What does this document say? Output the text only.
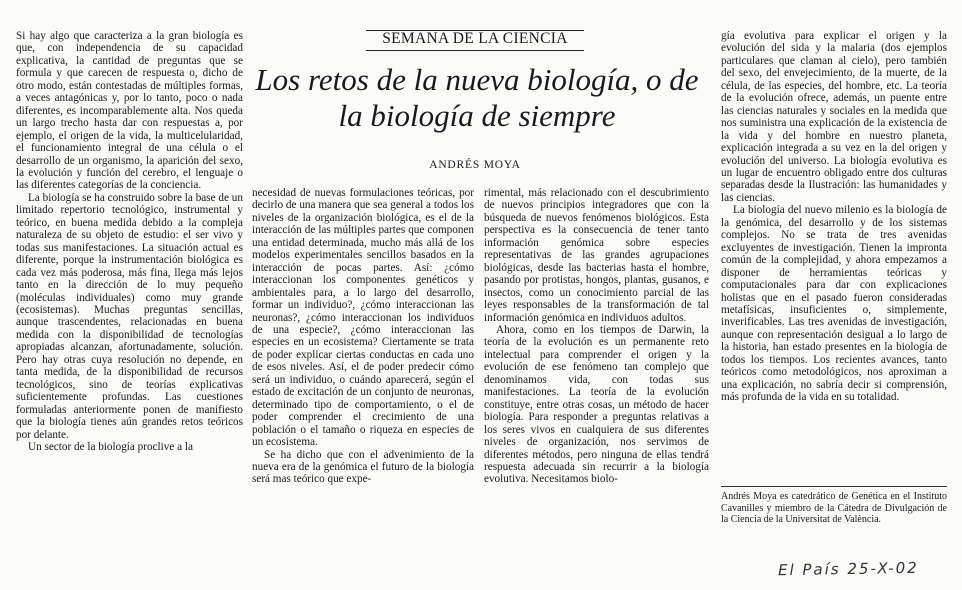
SEMANA DE LA CIENCIA
Los retos de la nueva biología, o de la biología de siempre
ANDRÉS MOYA

Si hay algo que caracteriza a la gran biología es que, con independencia de su capacidad explicativa, la cantidad de preguntas que se formula y que carecen de respuesta o, dicho de otro modo, están contestadas de múltiples formas, a veces antagónicas y, por lo tanto, poco o nada diferentes, es incomparablemente alta. Nos queda un largo trecho hasta dar con respuestas a, por ejemplo, el origen de la vida, la multicelularidad, el funcionamiento integral de una célula o el desarrollo de un organismo, la aparición del sexo, la evolución y función del cerebro, el lenguaje o las diferentes categorías de la conciencia.

La biología se ha construido sobre la base de un limitado repertorio tecnológico, instrumental y teórico, en buena medida debido a la compleja naturaleza de su objeto de estudio: el ser vivo y todas sus manifestaciones. La situación actual es diferente, porque la instrumentación biológica es cada vez más poderosa, más fina, llega más lejos tanto en la dirección de lo muy pequeño (moléculas individuales) como muy grande (ecosistemas). Muchas preguntas sencillas, aunque trascendentes, relacionadas en buena medida con la disponibilidad de tecnologías apropiadas alcanzan, afortunadamente, solución. Pero hay otras cuya resolución no depende, en tanta medida, de la disponibilidad de recursos tecnológicos, sino de teorías explicativas suficientemente profundas. Las cuestiones formuladas anteriormente ponen de manifiesto que la biología tienes aún grandes retos teóricos por delante.

Un sector de la biología proclive a la

necesidad de nuevas formulaciones teóricas, por decirlo de una manera que sea general a todos los niveles de la organización biológica, es el de la interacción de las múltiples partes que componen una entidad determinada, mucho más allá de los modelos experimentales sencillos basados en la interacción de pocas partes. Así: ¿cómo interaccionan los componentes genéticos y ambientales para, a lo largo del desarrollo, formar un individuo?, ¿cómo interaccionan las neuronas?, ¿cómo interaccionan los individuos de una especie?, ¿cómo interaccionan las especies en un ecosistema? Ciertamente se trata de poder explicar ciertas conductas en cada uno de esos niveles. Así, el de poder predecir cómo será un individuo, o cuándo aparecerá, según el estado de excitación de un conjunto de neuronas, determinado tipo de comportamiento, o el de poder comprender el crecimiento de una población o el tamaño o riqueza en especies de un ecosistema.

Se ha dicho que con el advenimiento de la nueva era de la genómica el futuro de la biología será mas teórico que expe-

rimental, más relacionado con el descubrimiento de nuevos principios integradores que con la búsqueda de nuevos fenómenos biológicos. Esta perspectiva es la consecuencia de tener tanto información genómica sobre especies representativas de las grandes agrupaciones biológicas, desde las bacterias hasta el hombre, pasando por protistas, hongos, plantas, gusanos, e insectos, como un conocimiento parcial de las leyes responsables de la transformación de tal información genómica en individuos adultos.

Ahora, como en los tiempos de Darwin, la teoría de la evolución es un permanente reto intelectual para comprender el origen y la evolución de ese fenómeno tan complejo que denominamos vida, con todas sus manifestaciones. La teoría de la evolución constituye, entre otras cosas, un método de hacer biología. Para responder a preguntas relativas a los seres vivos en cualquiera de sus diferentes niveles de organización, nos servimos de diferentes métodos, pero ninguna de ellas tendrá respuesta adecuada sin recurrir a la biología evolutiva. Necesitamos biolo-

gía evolutiva para explicar el origen y la evolución del sida y la malaria (dos ejemplos particulares que claman al cielo), pero también del sexo, del envejecimiento, de la muerte, de la célula, de las especies, del hombre, etc. La teoría de la evolución ofrece, además, un puente entre las ciencias naturales y sociales en la medida que nos suministra una explicación de la existencia de la vida y del hombre en nuestro planeta, explicación integrada a su vez en la del origen y evolución del universo. La biología evolutiva es un lugar de encuentro obligado entre dos culturas separadas desde la Ilustración: las humanidades y las ciencias.

La biología del nuevo milenio es la biología de la genómica, del desarrollo y de los sistemas complejos. No se trata de tres avenidas excluyentes de investigación. Tienen la impronta común de la complejidad, y ahora empezamos a disponer de herramientas teóricas y computacionales para dar con explicaciones holistas que en el pasado fueron consideradas metafísicas, insuficientes o, simplemente, inverificables. Las tres avenidas de investigación, aunque con representación desigual a lo largo de la historia, han estado presentes en la biología de todos los tiempos. Los recientes avances, tanto teóricos como metodológicos, nos aproximan a una explicación, no sabría decir si comprensión, más profunda de la vida en su totalidad.

Andrés Moya es catedrático de Genética en el Instituto Cavanilles y miembro de la Cátedra de Divulgación de la Ciencia de la Universitat de València.
El País 25-X-02
